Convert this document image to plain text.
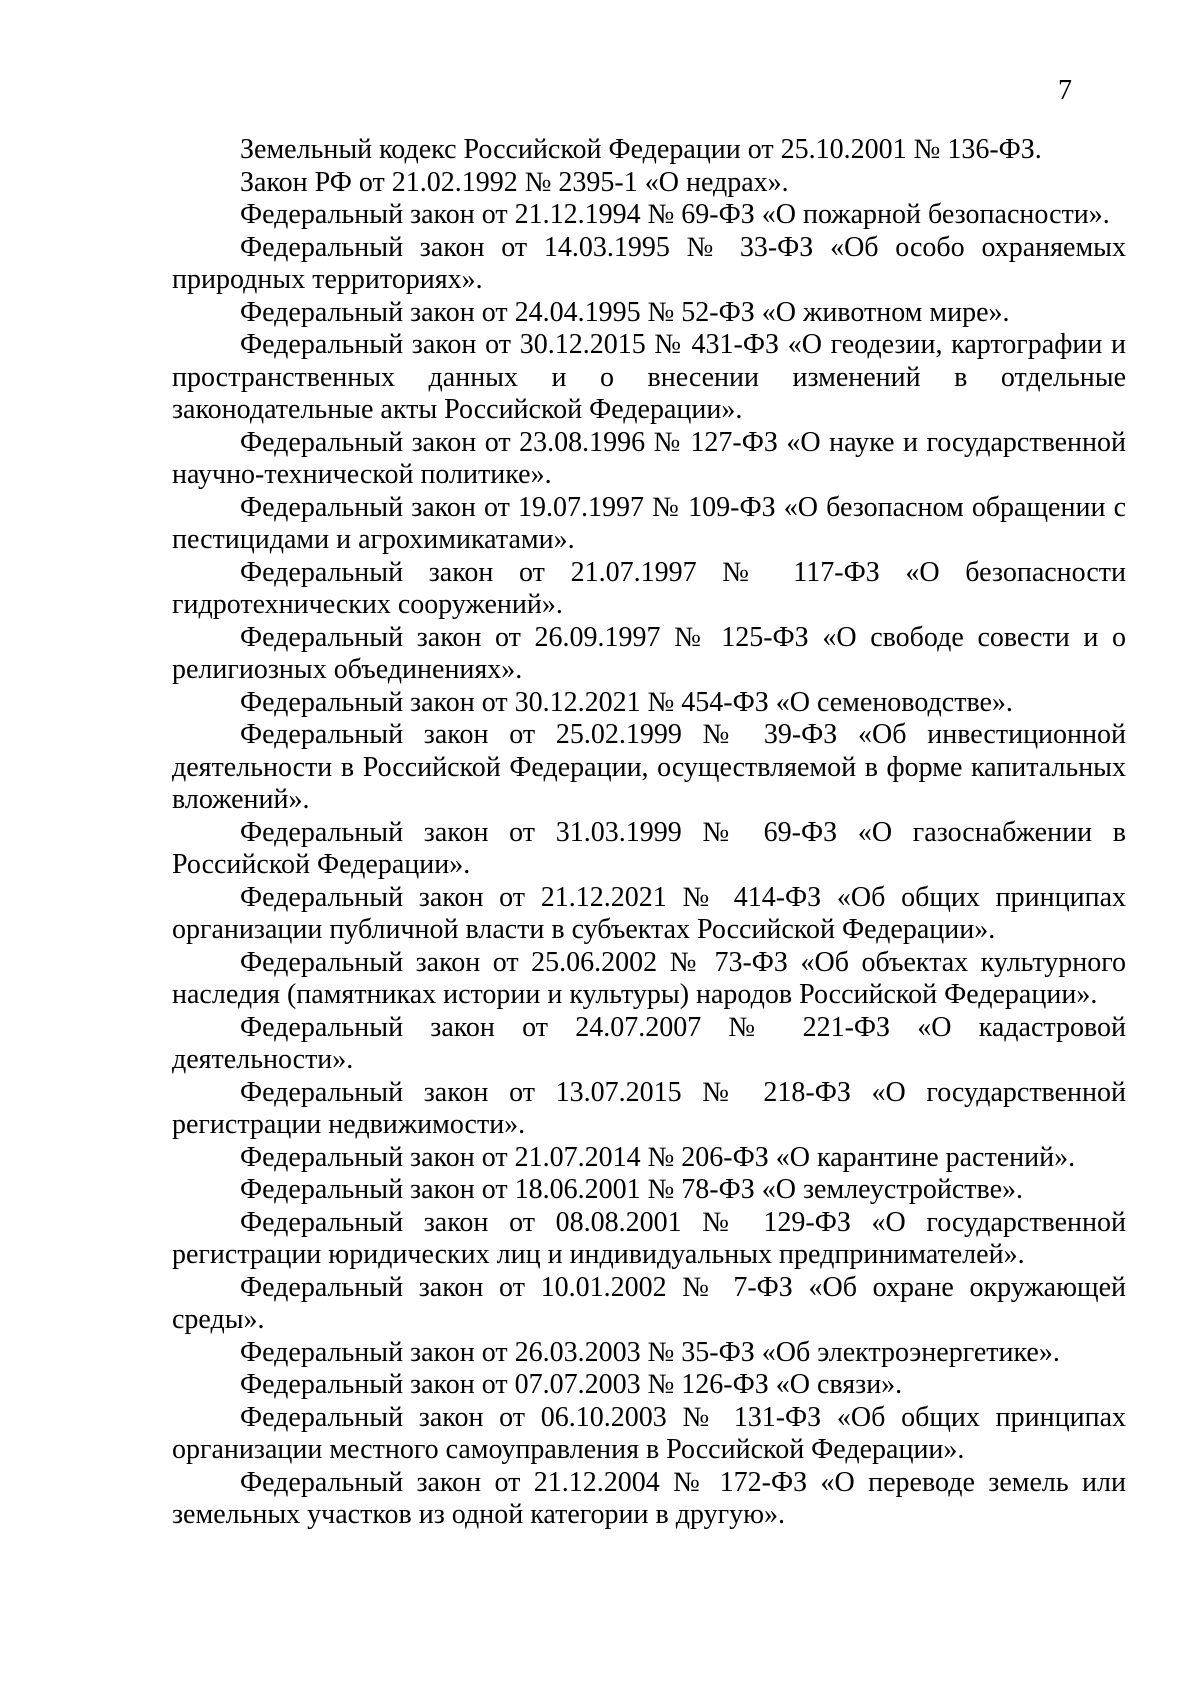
7

Земельный кодекс Российской Федерации от 25.10.2001 № 136-ФЗ.

Закон РФ от 21.02.1992 № 2395-1 «О недрах».

Федеральный закон от 21.12.1994 № 69-ФЗ «О пожарной безопасности».

Федеральный закон от 14.03.1995 № 33-ФЗ «Об особо охраняемых природных территориях».

Федеральный закон от 24.04.1995 № 52-ФЗ «О животном мире».

Федеральный закон от 30.12.2015 № 431-ФЗ «О геодезии, картографии и пространственных данных и о внесении изменений в отдельные законодательные акты Российской Федерации».

Федеральный закон от 23.08.1996 № 127-ФЗ «О науке и государственной научно-технической политике».

Федеральный закон от 19.07.1997 № 109-ФЗ «О безопасном обращении с пестицидами и агрохимикатами».

Федеральный закон от 21.07.1997 № 117-ФЗ «О безопасности гидротехнических сооружений».

Федеральный закон от 26.09.1997 № 125-ФЗ «О свободе совести и о религиозных объединениях».

Федеральный закон от 30.12.2021 № 454-ФЗ «О семеноводстве».

Федеральный закон от 25.02.1999 № 39-ФЗ «Об инвестиционной деятельности в Российской Федерации, осуществляемой в форме капитальных вложений».

Федеральный закон от 31.03.1999 № 69-ФЗ «О газоснабжении в Российской Федерации».

Федеральный закон от 21.12.2021 № 414-ФЗ «Об общих принципах организации публичной власти в субъектах Российской Федерации».

Федеральный закон от 25.06.2002 № 73-ФЗ «Об объектах культурного наследия (памятниках истории и культуры) народов Российской Федерации».

Федеральный закон от 24.07.2007 № 221-ФЗ «О кадастровой деятельности».

Федеральный закон от 13.07.2015 № 218-ФЗ «О государственной регистрации недвижимости».

Федеральный закон от 21.07.2014 № 206-ФЗ «О карантине растений».

Федеральный закон от 18.06.2001 № 78-ФЗ «О землеустройстве».

Федеральный закон от 08.08.2001 № 129-ФЗ «О государственной регистрации юридических лиц и индивидуальных предпринимателей».

Федеральный закон от 10.01.2002 № 7-ФЗ «Об охране окружающей среды».

Федеральный закон от 26.03.2003 № 35-ФЗ «Об электроэнергетике».

Федеральный закон от 07.07.2003 № 126-ФЗ «О связи».

Федеральный закон от 06.10.2003 № 131-ФЗ «Об общих принципах организации местного самоуправления в Российской Федерации».

Федеральный закон от 21.12.2004 № 172-ФЗ «О переводе земель или земельных участков из одной категории в другую».
